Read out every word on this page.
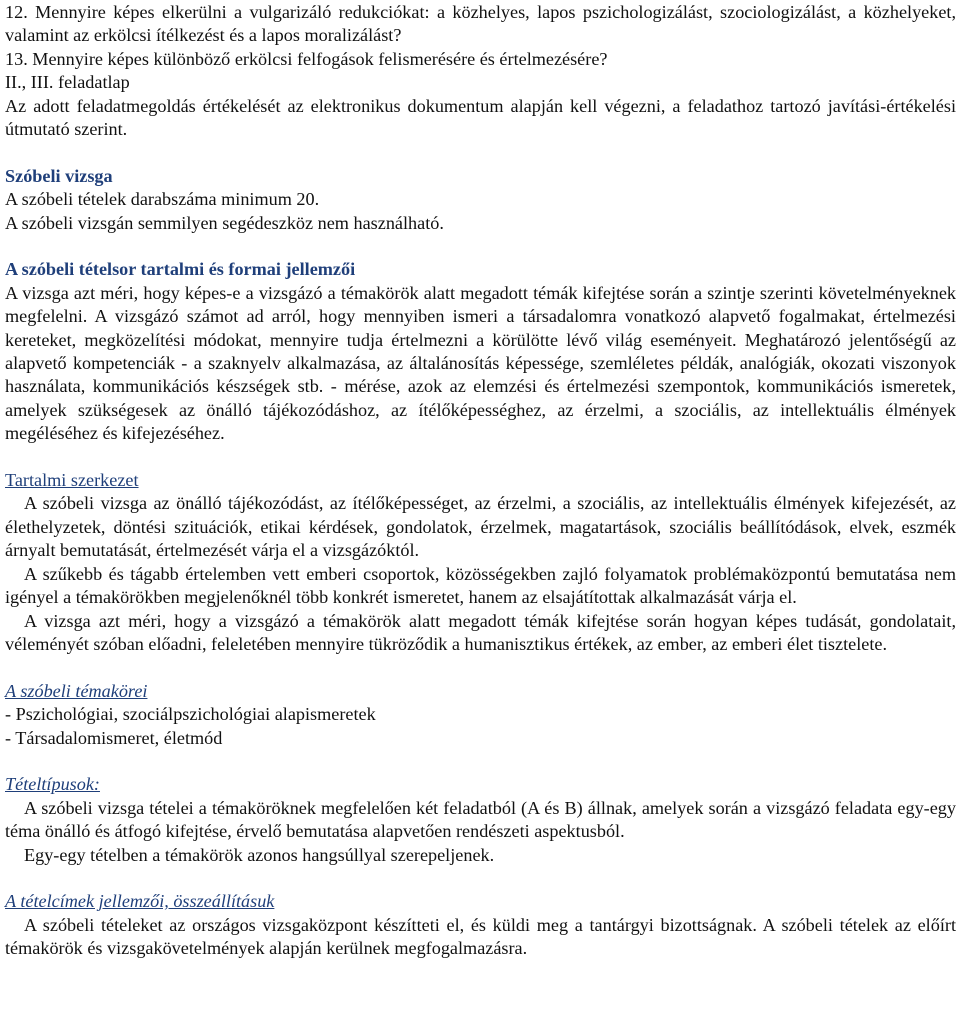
12. Mennyire képes elkerülni a vulgarizáló redukciókat: a közhelyes, lapos pszichologizálást, szociologizálást, a közhelyeket, valamint az erkölcsi ítélkezést és a lapos moralizálást?

13. Mennyire képes különböző erkölcsi felfogások felismerésére és értelmezésére?

II., III. feladatlap

Az adott feladatmegoldás értékelését az elektronikus dokumentum alapján kell végezni, a feladathoz tartozó javítási-értékelési útmutató szerint.

Szóbeli vizsga

A szóbeli tételek darabszáma minimum 20.

A szóbeli vizsgán semmilyen segédeszköz nem használható.

A szóbeli tételsor tartalmi és formai jellemzői

A vizsga azt méri, hogy képes-e a vizsgázó a témakörök alatt megadott témák kifejtése során a szintje szerinti követelményeknek megfelelni. A vizsgázó számot ad arról, hogy mennyiben ismeri a társadalomra vonatkozó alapvető fogalmakat, értelmezési kereteket, megközelítési módokat, mennyire tudja értelmezni a körülötte lévő világ eseményeit. Meghatározó jelentőségű az alapvető kompetenciák - a szaknyelv alkalmazása, az általánosítás képessége, szemléletes példák, analógiák, okozati viszonyok használata, kommunikációs készségek stb. - mérése, azok az elemzési és értelmezési szempontok, kommunikációs ismeretek, amelyek szükségesek az önálló tájékozódáshoz, az ítélőképességhez, az érzelmi, a szociális, az intellektuális élmények megéléséhez és kifejezéséhez.

Tartalmi szerkezet

A szóbeli vizsga az önálló tájékozódást, az ítélőképességet, az érzelmi, a szociális, az intellektuális élmények kifejezését, az élethelyzetek, döntési szituációk, etikai kérdések, gondolatok, érzelmek, magatartások, szociális beállítódások, elvek, eszmék árnyalt bemutatását, értelmezését várja el a vizsgázóktól.

A szűkebb és tágabb értelemben vett emberi csoportok, közösségekben zajló folyamatok problémaközpontú bemutatása nem igényel a témakörökben megjelenőknél több konkrét ismeretet, hanem az elsajátítottak alkalmazását várja el.

A vizsga azt méri, hogy a vizsgázó a témakörök alatt megadott témák kifejtése során hogyan képes tudását, gondolatait, véleményét szóban előadni, feleletében mennyire tükröződik a humanisztikus értékek, az ember, az emberi élet tisztelete.

A szóbeli témakörei

- Pszichológiai, szociálpszichológiai alapismeretek

- Társadalomismeret, életmód

Tételtípusok:

A szóbeli vizsga tételei a témaköröknek megfelelően két feladatból (A és B) állnak, amelyek során a vizsgázó feladata egy-egy téma önálló és átfogó kifejtése, érvelő bemutatása alapvetően rendészeti aspektusból.

Egy-egy tételben a témakörök azonos hangsúllyal szerepeljenek.

A tételcímek jellemzői, összeállításuk

A szóbeli tételeket az országos vizsgaközpont készítteti el, és küldi meg a tantárgyi bizottságnak. A szóbeli tételek az előírt témakörök és vizsgakövetelmények alapján kerülnek megfogalmazásra.
